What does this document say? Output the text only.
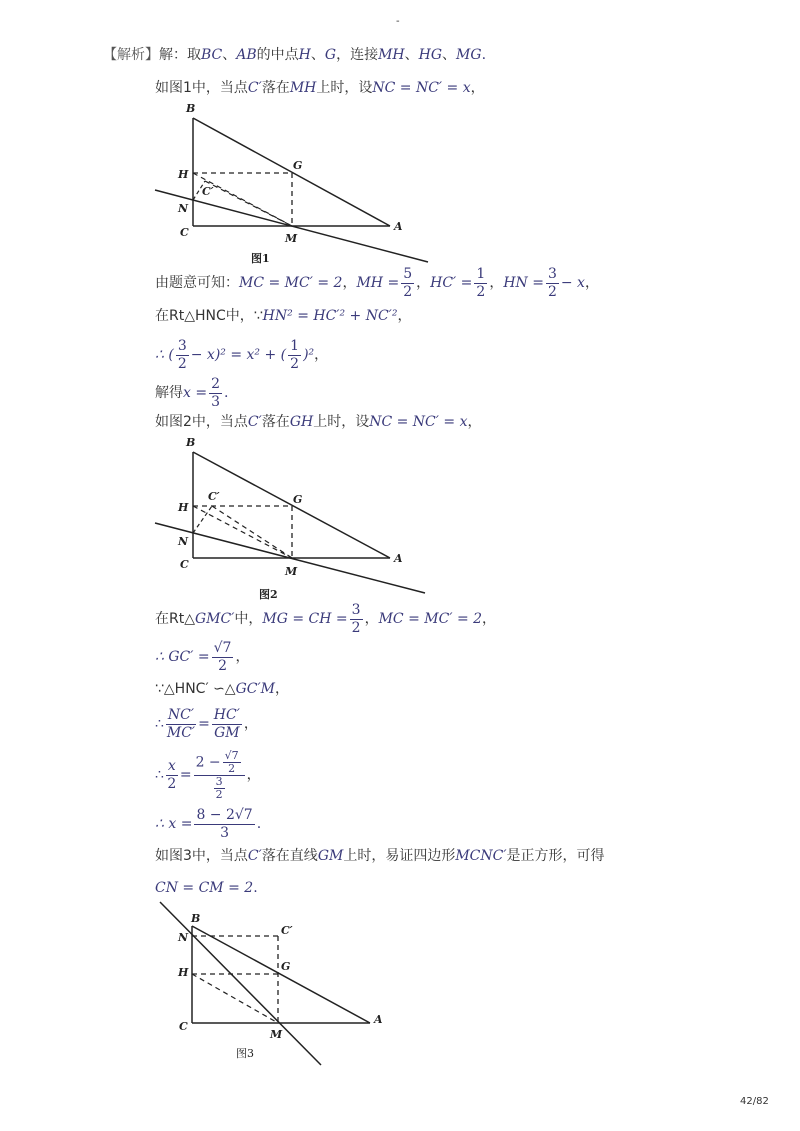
-
【解析】解：取BC、AB的中点H、G，连接MH、HG、MG.
如图1中，当点C′落在MH上时，设NC = NC′ = x，
B
G
H
C′
N
C	M
A
图1
由题意可知：MC = MC′ = 2，MH = $\frac{5}{2}$ ，$HC' = \frac{1}{2}$ ，HN = $\frac{3}{2} - x$，
在Rt△HNC中，∵HN² = HC′² + NC′²，
∴ ( $\frac{3}{2} - x)^2 = x^2$ + ( $\frac{1}{2} )^2$，
解得$x = \frac{2}{3}$ .
如图2中，当点C′落在GH上时，设NC = NC′ = x，
B
C′	G
H
N
C
M
A
图2
在Rt△GMC′中，MG = CH = $\frac{3}{2}$ ，MC = MC′ = 2，
∴ $GC' = \frac{√7}{2}$ ，
∵△HNC′ ∽△GC′M，
∴ $\frac{NC'}{MC'} = \frac{HC'}{GM}$ ，
∴ $\frac{x}{2} = \frac{2 - \frac{√7}{2}}{\frac{3}{2}}$ ，
∴ $x = \frac{8 - 2√7}{3}$ .
如图3中，当点C′落在直线GM上时，易证四边形MCNC′是正方形，可得
CN = CM = 2.
B
N
C′
H	G
C
M
A
图3
42/82
